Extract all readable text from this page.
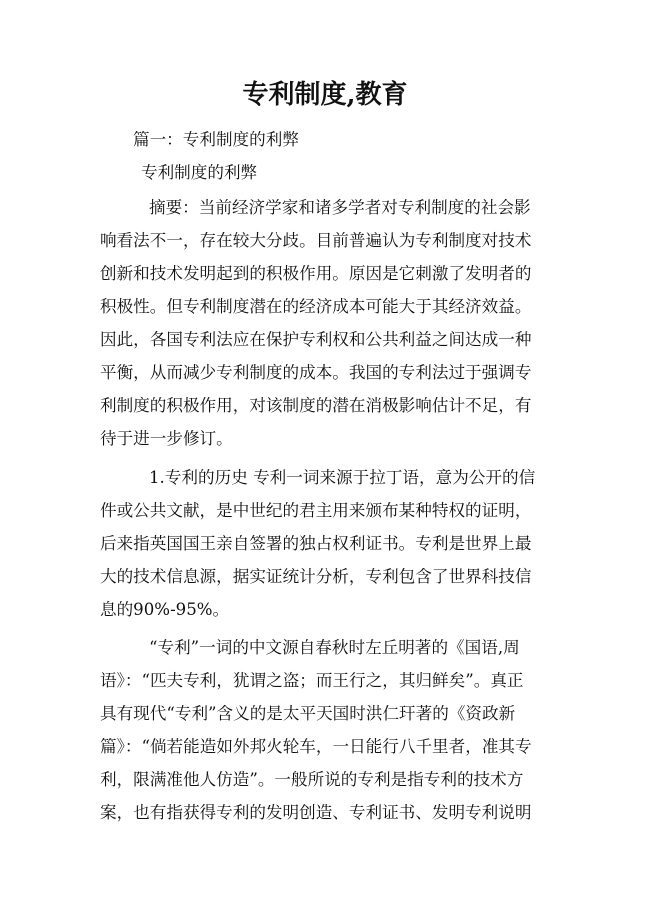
专利制度,教育
篇一：专利制度的利弊
专利制度的利弊
摘要：当前经济学家和诸多学者对专利制度的社会影
响看法不一，存在较大分歧。目前普遍认为专利制度对技术
创新和技术发明起到的积极作用。原因是它刺激了发明者的
积极性。但专利制度潜在的经济成本可能大于其经济效益。
因此，各国专利法应在保护专利权和公共利益之间达成一种
平衡，从而减少专利制度的成本。我国的专利法过于强调专
利制度的积极作用，对该制度的潜在消极影响估计不足，有
待于进一步修订。
1.专利的历史 专利一词来源于拉丁语，意为公开的信
件或公共文献，是中世纪的君主用来颁布某种特权的证明，
后来指英国国王亲自签署的独占权利证书。专利是世界上最
大的技术信息源，据实证统计分析，专利包含了世界科技信
息的90%-95%。
“专利”一词的中文源自春秋时左丘明著的《国语,周
语》：“匹夫专利，犹谓之盗；而王行之，其归鲜矣”。真正
具有现代“专利”含义的是太平天国时洪仁玕著的《资政新
篇》：“倘若能造如外邦火轮车，一日能行八千里者，准其专
利，限满准他人仿造”。一般所说的专利是指专利的技术方
案，也有指获得专利的发明创造、专利证书、发明专利说明
